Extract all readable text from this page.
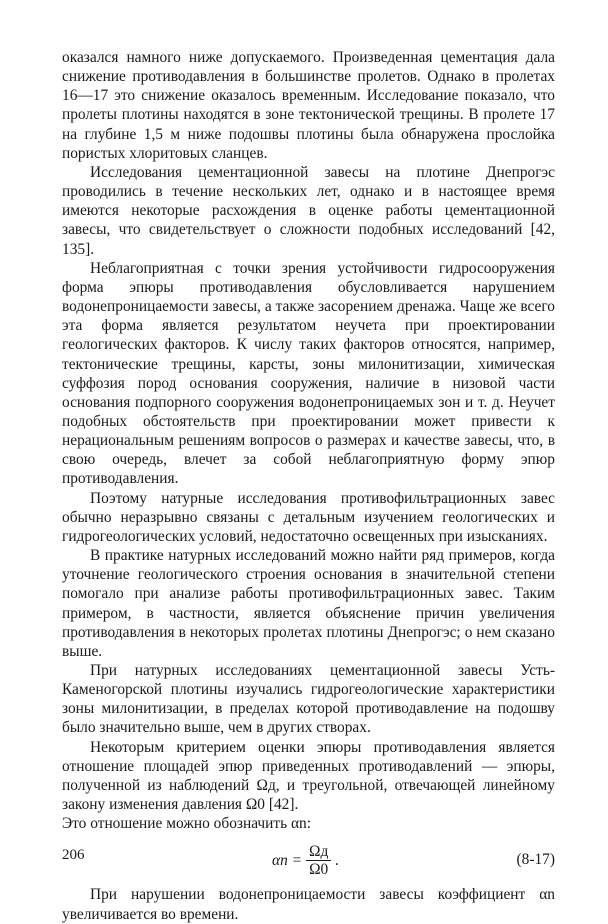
оказался намного ниже допускаемого. Произведенная цементация дала снижение противодавления в большинстве пролетов. Однако в пролетах 16—17 это снижение оказалось временным. Исследование показало, что пролеты плотины находятся в зоне тектонической трещины. В пролете 17 на глубине 1,5 м ниже подошвы плотины была обнаружена прослойка пористых хлоритовых сланцев.

Исследования цементационной завесы на плотине Днепрогэс проводились в течение нескольких лет, однако и в настоящее время имеются некоторые расхождения в оценке работы цементационной завесы, что свидетельствует о сложности подобных исследований [42, 135].

Неблагоприятная с точки зрения устойчивости гидросооружения форма эпюры противодавления обусловливается нарушением водонепроницаемости завесы, а также засорением дренажа. Чаще же всего эта форма является результатом неучета при проектировании геологических факторов. К числу таких факторов относятся, например, тектонические трещины, карсты, зоны милонитизации, химическая суффозия пород основания сооружения, наличие в низовой части основания подпорного сооружения водонепроницаемых зон и т. д. Неучет подобных обстоятельств при проектировании может привести к нерациональным решениям вопросов о размерах и качестве завесы, что, в свою очередь, влечет за собой неблагоприятную форму эпюр противодавления.

Поэтому натурные исследования противофильтрационных завес обычно неразрывно связаны с детальным изучением геологических и гидрогеологических условий, недостаточно освещенных при изысканиях.

В практике натурных исследований можно найти ряд примеров, когда уточнение геологического строения основания в значительной степени помогало при анализе работы противофильтрационных завес. Таким примером, в частности, является объяснение причин увеличения противодавления в некоторых пролетах плотины Днепрогэс; о нем сказано выше.

При натурных исследованиях цементационной завесы Усть-Каменогорской плотины изучались гидрогеологические характеристики зоны милонитизации, в пределах которой противодавление на подошву было значительно выше, чем в других створах.

Некоторым критерием оценки эпюры противодавления является отношение площадей эпюр приведенных противодавлений — эпюры, полученной из наблюдений Ωд, и треугольной, отвечающей линейному закону изменения давления Ω0 [42].

Это отношение можно обозначить αn:

$\alpha n = \frac{\Omega д}{\Omega 0}$ .	(8-17)

При нарушении водонепроницаемости завесы коэффициент αn увеличивается во времени.

206
